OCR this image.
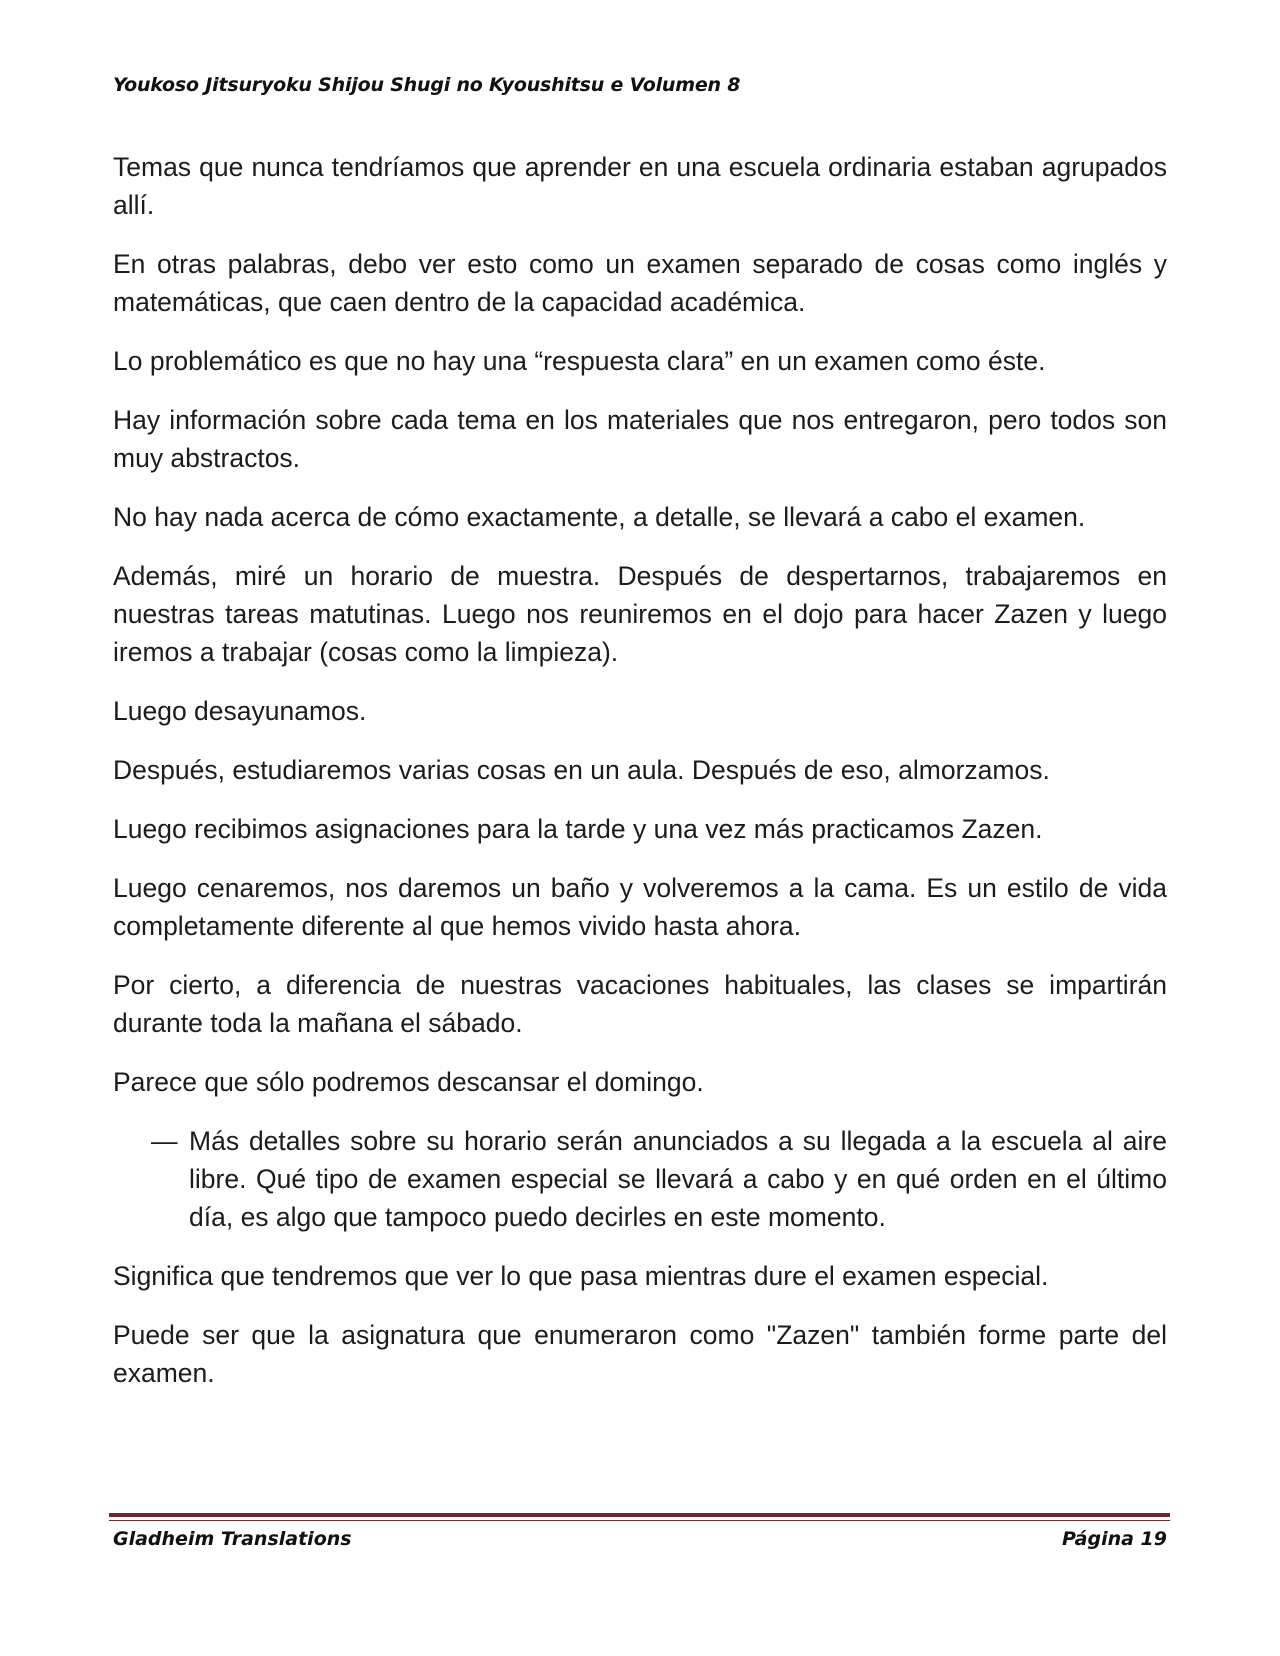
Youkoso Jitsuryoku Shijou Shugi no Kyoushitsu e Volumen 8

Temas que nunca tendríamos que aprender en una escuela ordinaria estaban agrupados allí.

En otras palabras, debo ver esto como un examen separado de cosas como inglés y matemáticas, que caen dentro de la capacidad académica.

Lo problemático es que no hay una “respuesta clara” en un examen como éste.

Hay información sobre cada tema en los materiales que nos entregaron, pero todos son muy abstractos.

No hay nada acerca de cómo exactamente, a detalle, se llevará a cabo el examen.

Además, miré un horario de muestra. Después de despertarnos, trabajaremos en nuestras tareas matutinas. Luego nos reuniremos en el dojo para hacer Zazen y luego iremos a trabajar (cosas como la limpieza).

Luego desayunamos.

Después, estudiaremos varias cosas en un aula. Después de eso, almorzamos.

Luego recibimos asignaciones para la tarde y una vez más practicamos Zazen.

Luego cenaremos, nos daremos un baño y volveremos a la cama. Es un estilo de vida completamente diferente al que hemos vivido hasta ahora.

Por cierto, a diferencia de nuestras vacaciones habituales, las clases se impartirán durante toda la mañana el sábado.

Parece que sólo podremos descansar el domingo.

— Más detalles sobre su horario serán anunciados a su llegada a la escuela al aire libre. Qué tipo de examen especial se llevará a cabo y en qué orden en el último día, es algo que tampoco puedo decirles en este momento.

Significa que tendremos que ver lo que pasa mientras dure el examen especial.

Puede ser que la asignatura que enumeraron como "Zazen" también forme parte del examen.

Gladheim Translations	Página 19
